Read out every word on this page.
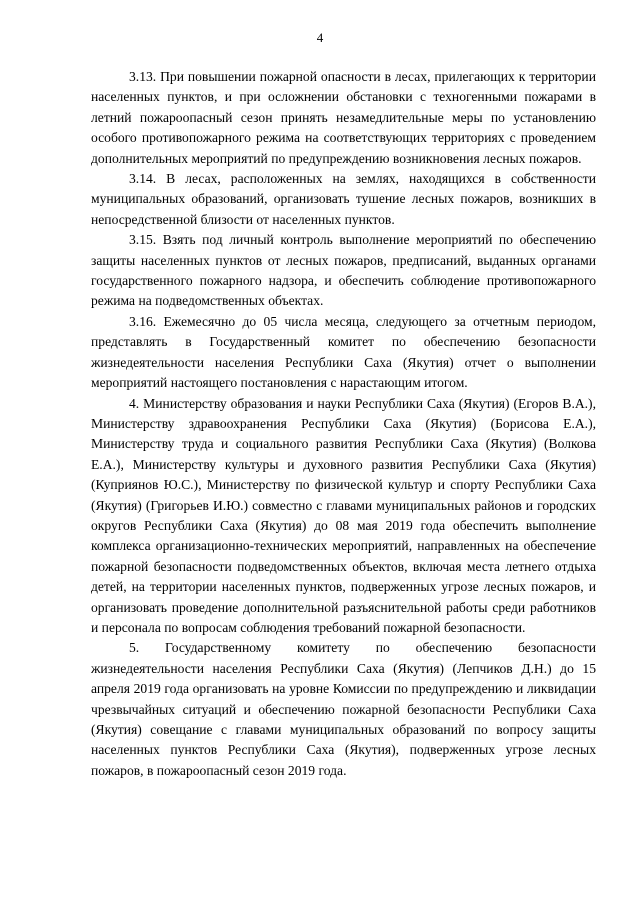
4

3.13. При повышении пожарной опасности в лесах, прилегающих к территории населенных пунктов, и при осложнении обстановки с техногенными пожарами в летний пожароопасный сезон принять незамедлительные меры по установлению особого противопожарного режима на соответствующих территориях с проведением дополнительных мероприятий по предупреждению возникновения лесных пожаров.

3.14. В лесах, расположенных на землях, находящихся в собственности муниципальных образований, организовать тушение лесных пожаров, возникших в непосредственной близости от населенных пунктов.

3.15. Взять под личный контроль выполнение мероприятий по обеспечению защиты населенных пунктов от лесных пожаров, предписаний, выданных органами государственного пожарного надзора, и обеспечить соблюдение противопожарного режима на подведомственных объектах.

3.16. Ежемесячно до 05 числа месяца, следующего за отчетным периодом, представлять в Государственный комитет по обеспечению безопасности жизнедеятельности населения Республики Саха (Якутия) отчет о выполнении мероприятий настоящего постановления с нарастающим итогом.

4. Министерству образования и науки Республики Саха (Якутия) (Егоров В.А.), Министерству здравоохранения Республики Саха (Якутия) (Борисова Е.А.), Министерству труда и социального развития Республики Саха (Якутия) (Волкова Е.А.), Министерству культуры и духовного развития Республики Саха (Якутия) (Куприянов Ю.С.), Министерству по физической культур и спорту Республики Саха (Якутия) (Григорьев И.Ю.) совместно с главами муниципальных районов и городских округов Республики Саха (Якутия) до 08 мая 2019 года обеспечить выполнение комплекса организационно-технических мероприятий, направленных на обеспечение пожарной безопасности подведомственных объектов, включая места летнего отдыха детей, на территории населенных пунктов, подверженных угрозе лесных пожаров, и организовать проведение дополнительной разъяснительной работы среди работников и персонала по вопросам соблюдения требований пожарной безопасности.

5. Государственному комитету по обеспечению безопасности жизнедеятельности населения Республики Саха (Якутия) (Лепчиков Д.Н.) до 15 апреля 2019 года организовать на уровне Комиссии по предупреждению и ликвидации чрезвычайных ситуаций и обеспечению пожарной безопасности Республики Саха (Якутия) совещание с главами муниципальных образований по вопросу защиты населенных пунктов Республики Саха (Якутия), подверженных угрозе лесных пожаров, в пожароопасный сезон 2019 года.
